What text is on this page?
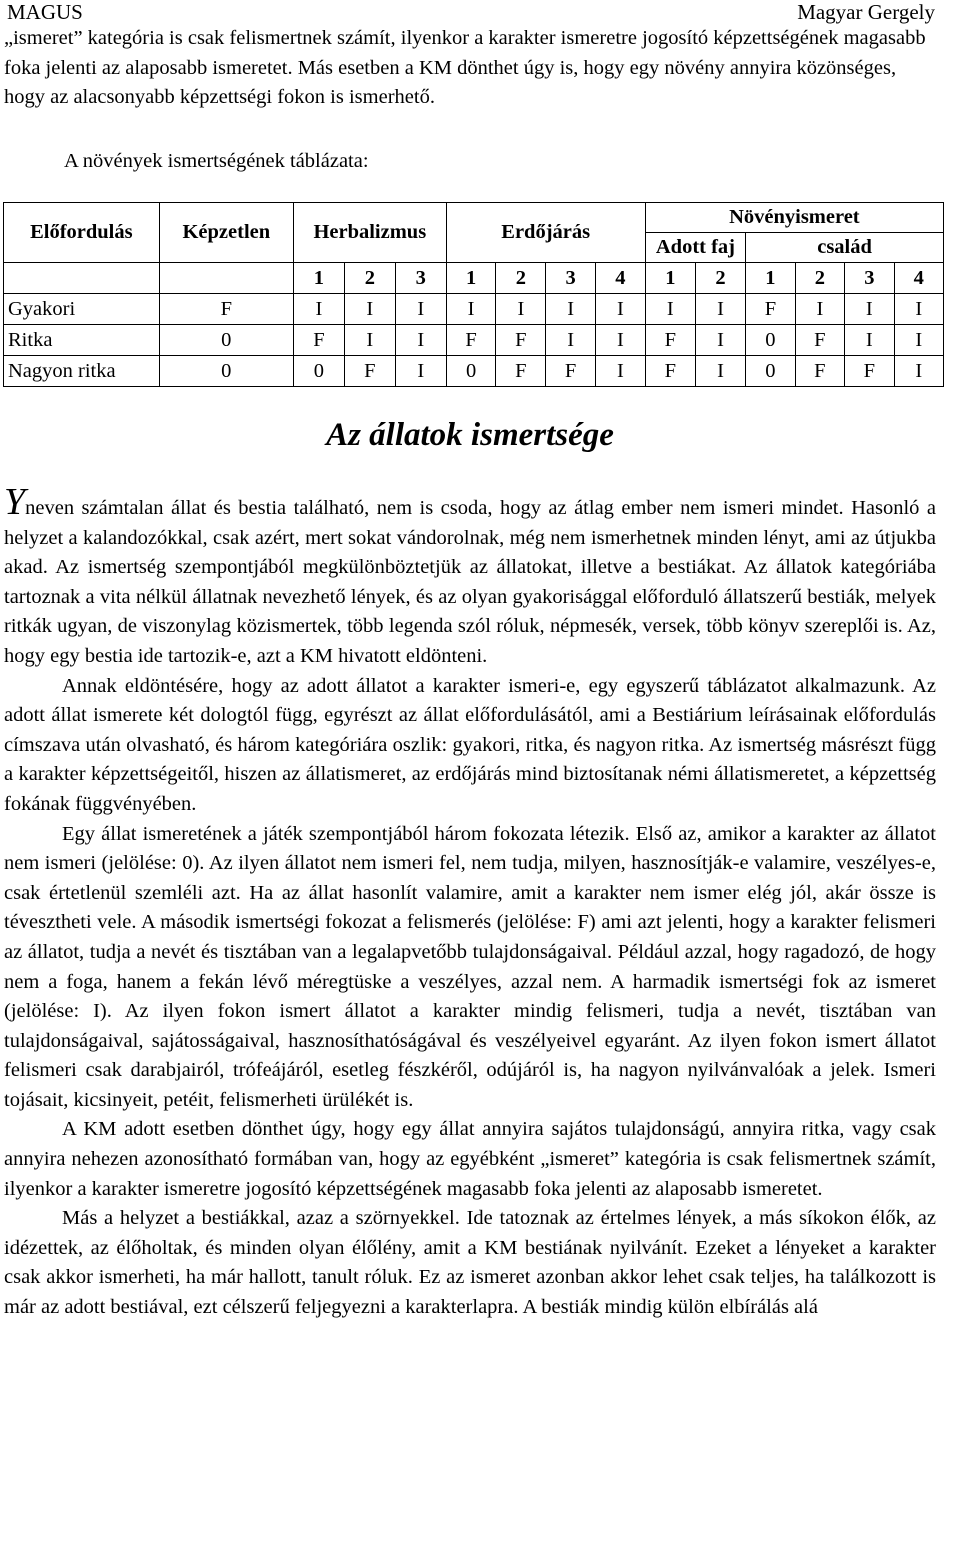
MAGUS	Magyar Gergely

„ismeret” kategória is csak felismertnek számít, ilyenkor a karakter ismeretre jogosító képzettségének magasabb foka jelenti az alaposabb ismeretet. Más esetben a KM dönthet úgy is, hogy egy növény annyira közönséges, hogy az alacsonyabb képzettségi fokon is ismerhető.

A növények ismertségének táblázata:
Előfordulás	Képzetlen	Herbalizmus			Erdőjárás				Növényismeret					
									Adott faj		család			
		1	2	3	1	2	3	4	1	2	1	2	3	4
Gyakori	F	I	I	I	I	I	I	I	I	I	F	I	I	I
Ritka	0	F	I	I	F	F	I	I	F	I	0	F	I	I
Nagyon ritka	0	0	F	I	0	F	F	I	F	I	0	F	F	I
Az állatok ismertsége

Yneven számtalan állat és bestia található, nem is csoda, hogy az átlag ember nem ismeri mindet. Hasonló a helyzet a kalandozókkal, csak azért, mert sokat vándorolnak, még nem ismerhetnek minden lényt, ami az útjukba akad. Az ismertség szempontjából megkülönböztetjük az állatokat, illetve a bestiákat. Az állatok kategóriába tartoznak a vita nélkül állatnak nevezhető lények, és az olyan gyakorisággal előforduló állatszerű bestiák, melyek ritkák ugyan, de viszonylag közismertek, több legenda szól róluk, népmesék, versek, több könyv szereplői is. Az, hogy egy bestia ide tartozik-e, azt a KM hivatott eldönteni.

Annak eldöntésére, hogy az adott állatot a karakter ismeri-e, egy egyszerű táblázatot alkalmazunk. Az adott állat ismerete két dologtól függ, egyrészt az állat előfordulásától, ami a Bestiárium leírásainak előfordulás címszava után olvasható, és három kategóriára oszlik: gyakori, ritka, és nagyon ritka. Az ismertség másrészt függ a karakter képzettségeitől, hiszen az állatismeret, az erdőjárás mind biztosítanak némi állatismeretet, a képzettség fokának függvényében.

Egy állat ismeretének a játék szempontjából három fokozata létezik. Első az, amikor a karakter az állatot nem ismeri (jelölése: 0). Az ilyen állatot nem ismeri fel, nem tudja, milyen, hasznosítják-e valamire, veszélyes-e, csak értetlenül szemléli azt. Ha az állat hasonlít valamire, amit a karakter nem ismer elég jól, akár össze is tévesztheti vele. A második ismertségi fokozat a felismerés (jelölése: F) ami azt jelenti, hogy a karakter felismeri az állatot, tudja a nevét és tisztában van a legalapvetőbb tulajdonságaival. Például azzal, hogy ragadozó, de hogy nem a foga, hanem a fekán lévő méregtüske a veszélyes, azzal nem. A harmadik ismertségi fok az ismeret (jelölése: I). Az ilyen fokon ismert állatot a karakter mindig felismeri, tudja a nevét, tisztában van tulajdonságaival, sajátosságaival, hasznosíthatóságával és veszélyeivel egyaránt. Az ilyen fokon ismert állatot felismeri csak darabjairól, trófeájáról, esetleg fészkéről, odújáról is, ha nagyon nyilvánvalóak a jelek. Ismeri tojásait, kicsinyeit, petéit, felismerheti ürülékét is.

A KM adott esetben dönthet úgy, hogy egy állat annyira sajátos tulajdonságú, annyira ritka, vagy csak annyira nehezen azonosítható formában van, hogy az egyébként „ismeret” kategória is csak felismertnek számít, ilyenkor a karakter ismeretre jogosító képzettségének magasabb foka jelenti az alaposabb ismeretet.

Más a helyzet a bestiákkal, azaz a szörnyekkel. Ide tatoznak az értelmes lények, a más síkokon élők, az idézettek, az élőholtak, és minden olyan élőlény, amit a KM bestiának nyilvánít. Ezeket a lényeket a karakter csak akkor ismerheti, ha már hallott, tanult róluk. Ez az ismeret azonban akkor lehet csak teljes, ha találkozott is már az adott bestiával, ezt célszerű feljegyezni a karakterlapra. A bestiák mindig külön elbírálás alá
